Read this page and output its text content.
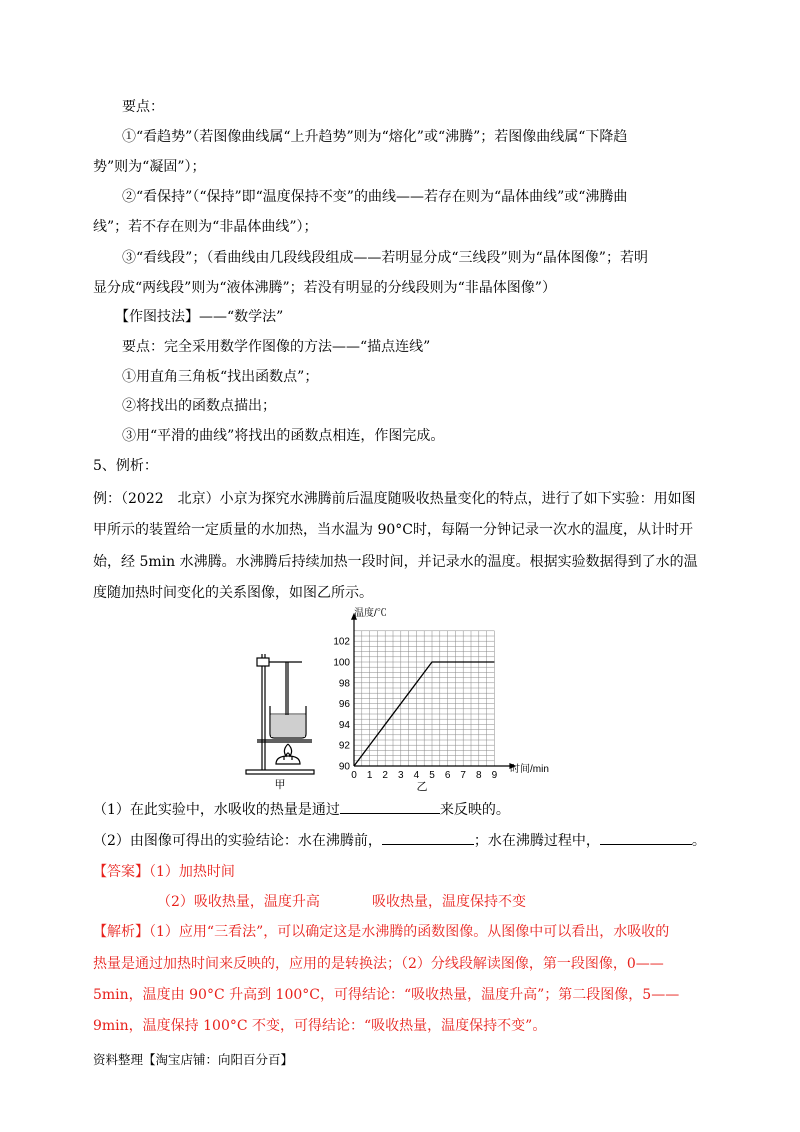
要点：
①“看趋势”（若图像曲线属“上升趋势”则为“熔化”或“沸腾”；若图像曲线属“下降趋
势”则为“凝固”）；
②“看保持”（“保持”即“温度保持不变”的曲线——若存在则为“晶体曲线”或“沸腾曲
线”；若不存在则为“非晶体曲线”）；
③“看线段”；（看曲线由几段线段组成——若明显分成“三线段”则为“晶体图像”；若明
显分成“两线段”则为“液体沸腾”；若没有明显的分线段则为“非晶体图像”）
【作图技法】——“数学法”
要点：完全采用数学作图像的方法——“描点连线”
①用直角三角板“找出函数点”；
②将找出的函数点描出；
③用“平滑的曲线”将找出的函数点相连，作图完成。
5、例析：
例：（2022　北京）小京为探究水沸腾前后温度随吸收热量变化的特点，进行了如下实验：用如图
甲所示的装置给一定质量的水加热，当水温为 90°C时，每隔一分钟记录一次水的温度，从计时开
始，经 5min 水沸腾。水沸腾后持续加热一段时间，并记录水的温度。根据实验数据得到了水的温
度随加热时间变化的关系图像，如图乙所示。
甲
0 1 2 3 4 5 6 7 8 9
90
92
94
96
98
100
102
温度/℃
时间/min
乙
（1）在此实验中，水吸收的热量是通过	来反映的。
（2）由图像可得出的实验结论：水在沸腾前，	；水在沸腾过程中，	。
【答案】（1）加热时间
（2）吸收热量，温度升高	吸收热量，温度保持不变
【解析】（1）应用“三看法”，可以确定这是水沸腾的函数图像。从图像中可以看出，水吸收的
热量是通过加热时间来反映的，应用的是转换法；（2）分线段解读图像，第一段图像，0——
5min，温度由 90°C 升高到 100°C，可得结论：“吸收热量，温度升高”；第二段图像，5——
9min，温度保持 100°C 不变，可得结论：“吸收热量，温度保持不变”。
资料整理【淘宝店铺：向阳百分百】
